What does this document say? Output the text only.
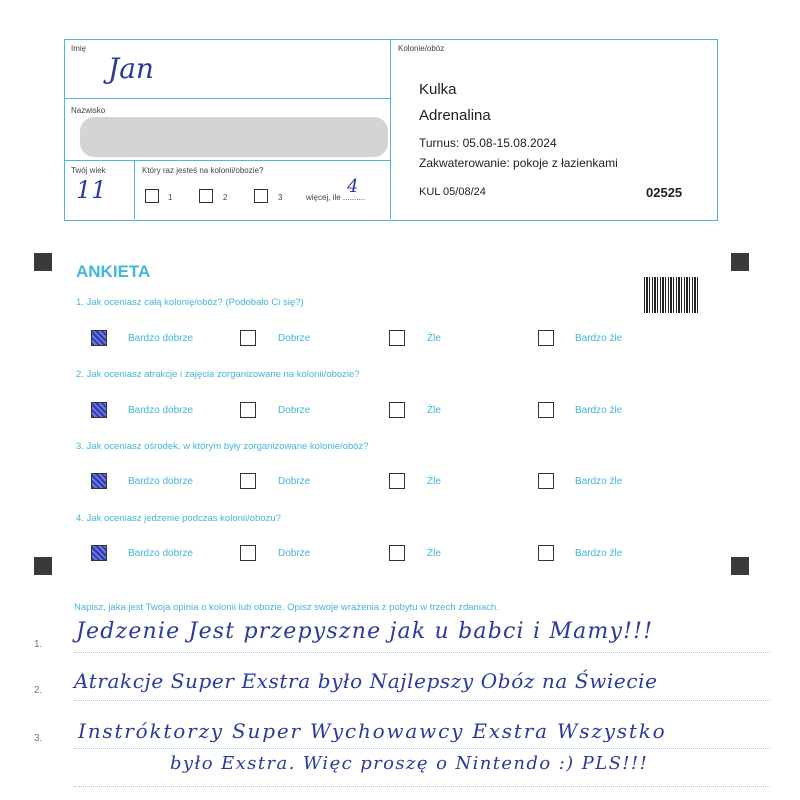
Imię
Jan
Nazwisko
Twój wiek
11
Który raz jesteś na kolonii/obozie?
1	2	3	więcej, ile ..........
4
Kolonie/obóz
Kulka
Adrenalina
Turnus: 05.08-15.08.2024
Zakwaterowanie: pokoje z łazienkami
KUL 05/08/24	02525
ANKIETA
1. Jak oceniasz całą kolonię/obóz? (Podobało Ci się?)
Bardzo dobrze	Dobrze	Źle	Bardzo źle
2. Jak oceniasz atrakcje i zajęcia zorganizowane na kolonii/obozie?
Bardzo dobrze	Dobrze	Źle	Bardzo źle
3. Jak oceniasz ośrodek, w którym były zorganizowane kolonie/obóz?
Bardzo dobrze	Dobrze	Źle	Bardzo źle
4. Jak oceniasz jedzenie podczas kolonii/obozu?
Bardzo dobrze	Dobrze	Źle	Bardzo źle
Napisz, jaka jest Twoja opinia o kolonii lub obozie. Opisz swoje wrażenia z pobytu w trzech zdaniach.
1.
2.
3.
Jedzenie Jest przepyszne jak u babci i Mamy!!!
Atrakcje Super Exstra było Najlepszy Obóz na Świecie
Instróktorzy Super Wychowawcy Exstra Wszystko
było Exstra. Więc proszę o Nintendo :) PLS!!!
